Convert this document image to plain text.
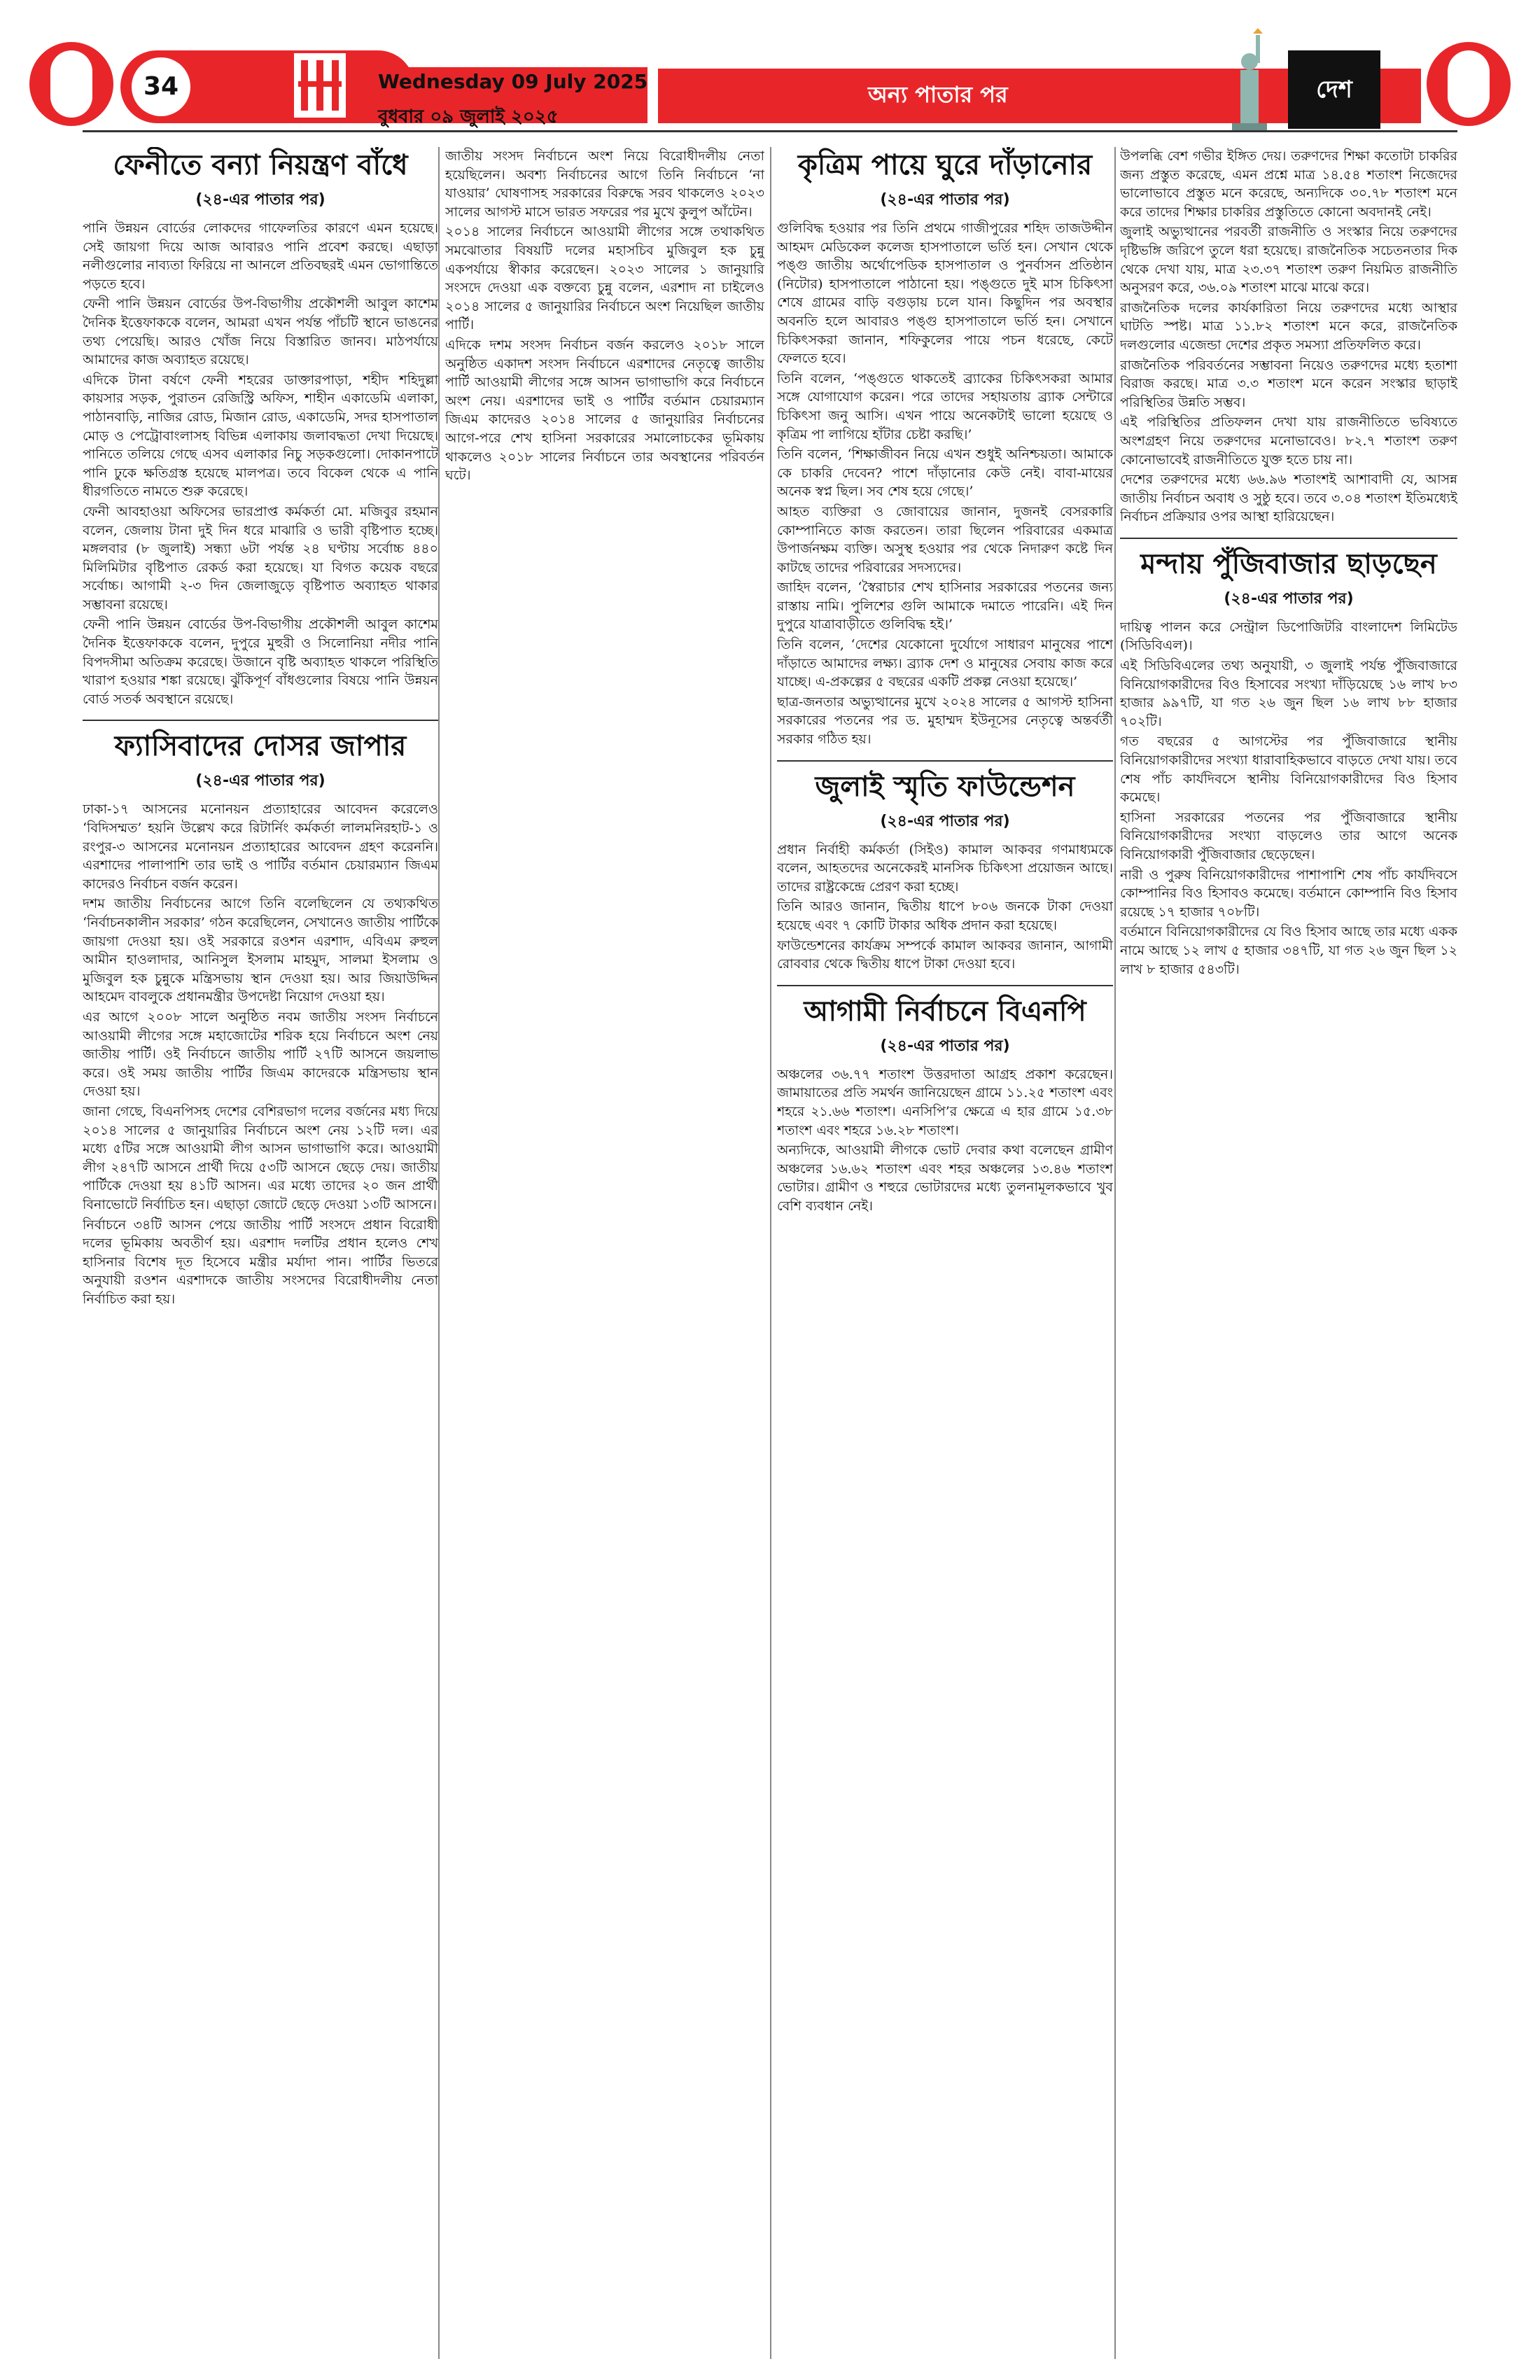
34	Wednesday 09 July 2025
বুধবার ০৯ জুলাই ২০২৫
অন্য পাতার পর	দেশ
ফেনীতে বন্যা নিয়ন্ত্রণ বাঁধে
(২৪-এর পাতার পর)

পানি উন্নয়ন বোর্ডের লোকদের গাফেলতির কারণে এমন হয়েছে। সেই জায়গা দিয়ে আজ আবারও পানি প্রবেশ করছে। এছাড়া নলীগুলোর নাব্যতা ফিরিয়ে না আনলে প্রতিবছরই এমন ভোগান্তিতে পড়তে হবে।

ফেনী পানি উন্নয়ন বোর্ডের উপ-বিভাগীয় প্রকৌশলী আবুল কাশেম দৈনিক ইত্তেফাককে বলেন, আমরা এখন পর্যন্ত পাঁচটি স্থানে ভাঙনের তথ্য পেয়েছি। আরও খোঁজ নিয়ে বিস্তারিত জানব। মাঠপর্যায়ে আমাদের কাজ অব্যাহত রয়েছে।

এদিকে টানা বর্ষণে ফেনী শহরের ডাক্তারপাড়া, শহীদ শহিদুল্লা কায়সার সড়ক, পুরাতন রেজিস্ট্রি অফিস, শাহীন একাডেমি এলাকা, পাঠানবাড়ি, নাজির রোড, মিজান রোড, একাডেমি, সদর হাসপাতাল মোড় ও পেট্রোবাংলাসহ বিভিন্ন এলাকায় জলাবদ্ধতা দেখা দিয়েছে। পানিতে তলিয়ে গেছে এসব এলাকার নিচু সড়কগুলো। দোকানপাটে পানি ঢুকে ক্ষতিগ্রস্ত হয়েছে মালপত্র। তবে বিকেল থেকে এ পানি ধীরগতিতে নামতে শুরু করেছে।

ফেনী আবহাওয়া অফিসের ভারপ্রাপ্ত কর্মকর্তা মো. মজিবুর রহমান বলেন, জেলায় টানা দুই দিন ধরে মাঝারি ও ভারী বৃষ্টিপাত হচ্ছে। মঙ্গলবার (৮ জুলাই) সন্ধ্যা ৬টা পর্যন্ত ২৪ ঘণ্টায় সর্বোচ্চ ৪৪০ মিলিমিটার বৃষ্টিপাত রেকর্ড করা হয়েছে। যা বিগত কয়েক বছরে সর্বোচ্চ। আগামী ২-৩ দিন জেলাজুড়ে বৃষ্টিপাত অব্যাহত থাকার সম্ভাবনা রয়েছে।

ফেনী পানি উন্নয়ন বোর্ডের উপ-বিভাগীয় প্রকৌশলী আবুল কাশেম দৈনিক ইত্তেফাককে বলেন, দুপুরে মুহুরী ও সিলোনিয়া নদীর পানি বিপদসীমা অতিক্রম করেছে। উজানে বৃষ্টি অব্যাহত থাকলে পরিস্থিতি খারাপ হওয়ার শঙ্কা রয়েছে। ঝুঁকিপূর্ণ বাঁধগুলোর বিষয়ে পানি উন্নয়ন বোর্ড সতর্ক অবস্থানে রয়েছে।

ফ্যাসিবাদের দোসর জাপার
(২৪-এর পাতার পর)

ঢাকা-১৭ আসনের মনোনয়ন প্রত্যাহারের আবেদন করেলেও ‘বিদিসম্মত’ হয়নি উল্লেখ করে রিটার্নিং কর্মকর্তা লালমনিরহাট-১ ও রংপুর-৩ আসনের মনোনয়ন প্রত্যাহারের আবেদন গ্রহণ করেননি। এরশাদের পালাপাশি তার ভাই ও পার্টির বর্তমান চেয়ারম্যান জিএম কাদেরও নির্বাচন বর্জন করেন।

দশম জাতীয় নির্বাচনের আগে তিনি বলেছিলেন যে তথ্যকথিত ‘নির্বাচনকালীন সরকার’ গঠন করেছিলেন, সেখানেও জাতীয় পার্টিকে জায়গা দেওয়া হয়। ওই সরকারে রওশন এরশাদ, এবিএম রুহুল আমীন হাওলাদার, আনিসুল ইসলাম মাহমুদ, সালমা ইসলাম ও মুজিবুল হক চুন্নুকে মন্ত্রিসভায় স্থান দেওয়া হয়। আর জিয়াউদ্দিন আহমেদ বাবলুকে প্রধানমন্ত্রীর উপদেষ্টা নিয়োগ দেওয়া হয়।

এর আগে ২০০৮ সালে অনুষ্ঠিত নবম জাতীয় সংসদ নির্বাচনে আওয়ামী লীগের সঙ্গে মহাজোটের শরিক হয়ে নির্বাচনে অংশ নেয় জাতীয় পার্টি। ওই নির্বাচনে জাতীয় পার্টি ২৭টি আসনে জয়লাভ করে। ওই সময় জাতীয় পার্টির জিএম কাদেরকে মন্ত্রিসভায় স্থান দেওয়া হয়।

জানা গেছে, বিএনপিসহ দেশের বেশিরভাগ দলের বর্জনের মধ্য দিয়ে ২০১৪ সালের ৫ জানুয়ারির নির্বাচনে অংশ নেয় ১২টি দল। এর মধ্যে ৫টির সঙ্গে আওয়ামী লীগ আসন ভাগাভাগি করে। আওয়ামী লীগ ২৪৭টি আসনে প্রার্থী দিয়ে ৫৩টি আসনে ছেড়ে দেয়। জাতীয় পার্টিকে দেওয়া হয় ৪১টি আসন। এর মধ্যে তাদের ২০ জন প্রার্থী বিনাভোটে নির্বাচিত হন। এছাড়া জোটে ছেড়ে দেওয়া ১৩টি আসনে।

নির্বাচনে ৩৪টি আসন পেয়ে জাতীয় পার্টি সংসদে প্রধান বিরোধী দলের ভূমিকায় অবতীর্ণ হয়। এরশাদ দলটির প্রধান হলেও শেখ হাসিনার বিশেষ দূত হিসেবে মন্ত্রীর মর্যাদা পান। পার্টির ভিতরে অনুযায়ী রওশন এরশাদকে জাতীয় সংসদের বিরোধীদলীয় নেতা নির্বাচিত করা হয়।

জাতীয় সংসদ নির্বাচনে অংশ নিয়ে বিরোধীদলীয় নেতা হয়েছিলেন। অবশ্য নির্বাচনের আগে তিনি নির্বাচনে ‘না যাওয়ার’ ঘোষণাসহ সরকারের বিরুদ্ধে সরব থাকলেও ২০২৩ সালের আগস্ট মাসে ভারত সফরের পর মুখে কুলুপ আঁটেন।

২০১৪ সালের নির্বাচনে আওয়ামী লীগের সঙ্গে তথাকথিত সমঝোতার বিষয়টি দলের মহাসচিব মুজিবুল হক চুন্নু একপর্যায়ে স্বীকার করেছেন। ২০২৩ সালের ১ জানুয়ারি সংসদে দেওয়া এক বক্তব্যে চুন্নু বলেন, এরশাদ না চাইলেও ২০১৪ সালের ৫ জানুয়ারির নির্বাচনে অংশ নিয়েছিল জাতীয় পার্টি।

এদিকে দশম সংসদ নির্বাচন বর্জন করলেও ২০১৮ সালে অনুষ্ঠিত একাদশ সংসদ নির্বাচনে এরশাদের নেতৃত্বে জাতীয় পার্টি আওয়ামী লীগের সঙ্গে আসন ভাগাভাগি করে নির্বাচনে অংশ নেয়। এরশাদের ভাই ও পার্টির বর্তমান চেয়ারম্যান জিএম কাদেরও ২০১৪ সালের ৫ জানুয়ারির নির্বাচনের আগে-পরে শেখ হাসিনা সরকারের সমালোচকের ভূমিকায় থাকলেও ২০১৮ সালের নির্বাচনে তার অবস্থানের পরিবর্তন ঘটে।

কৃত্রিম পায়ে ঘুরে দাঁড়ানোর
(২৪-এর পাতার পর)

গুলিবিদ্ধ হওয়ার পর তিনি প্রথমে গাজীপুরের শহিদ তাজউদ্দীন আহমদ মেডিকেল কলেজ হাসপাতালে ভর্তি হন। সেখান থেকে পঙ্গু জাতীয় অর্থোপেডিক হাসপাতাল ও পুনর্বাসন প্রতিষ্ঠান (নিটোর) হাসপাতালে পাঠানো হয়। পঙ্গুতে দুই মাস চিকিৎসা শেষে গ্রামের বাড়ি বগুড়ায় চলে যান। কিছুদিন পর অবস্থার অবনতি হলে আবারও পঙ্গু হাসপাতালে ভর্তি হন। সেখানে চিকিৎসকরা জানান, শফিকুলের পায়ে পচন ধরেছে, কেটে ফেলতে হবে।

তিনি বলেন, ‘পঙ্গুতে থাকতেই ব্র্যাকের চিকিৎসকরা আমার সঙ্গে যোগাযোগ করেন। পরে তাদের সহায়তায় ব্র্যাক সেন্টারে চিকিৎসা জনু আসি। এখন পায়ে অনেকটাই ভালো হয়েছে ও কৃত্রিম পা লাগিয়ে হাঁটার চেষ্টা করছি।’

তিনি বলেন, ‘শিক্ষাজীবন নিয়ে এখন শুধুই অনিশ্চয়তা। আমাকে কে চাকরি দেবেন? পাশে দাঁড়ানোর কেউ নেই। বাবা-মায়ের অনেক স্বপ্ন ছিল। সব শেষ হয়ে গেছে।’

আহত ব্যক্তিরা ও জোবায়ের জানান, দুজনই বেসরকারি কোম্পানিতে কাজ করতেন। তারা ছিলেন পরিবারের একমাত্র উপার্জনক্ষম ব্যক্তি। অসুস্থ হওয়ার পর থেকে নিদারুণ কষ্টে দিন কাটছে তাদের পরিবারের সদস্যদের।

জাহিদ বলেন, ‘স্বৈরাচার শেখ হাসিনার সরকারের পতনের জন্য রাস্তায় নামি। পুলিশের গুলি আমাকে দমাতে পারেনি। এই দিন দুপুরে যাত্রাবাড়ীতে গুলিবিদ্ধ হই।’

তিনি বলেন, ‘দেশের যেকোনো দুর্যোগে সাধারণ মানুষের পাশে দাঁড়াতে আমাদের লক্ষ্য। ব্র্যাক দেশ ও মানুষের সেবায় কাজ করে যাচ্ছে। এ-প্রকল্পের ৫ বছরের একটি প্রকল্প নেওয়া হয়েছে।’

ছাত্র-জনতার অভ্যুত্থানের মুখে ২০২৪ সালের ৫ আগস্ট হাসিনা সরকারের পতনের পর ড. মুহাম্মদ ইউনূসের নেতৃত্বে অন্তর্বর্তী সরকার গঠিত হয়।

জুলাই স্মৃতি ফাউন্ডেশন
(২৪-এর পাতার পর)

প্রধান নির্বাহী কর্মকর্তা (সিইও) কামাল আকবর গণমাধ্যমকে বলেন, আহতদের অনেকেরই মানসিক চিকিৎসা প্রয়োজন আছে। তাদের রাষ্ট্রকেন্দ্রে প্রেরণ করা হচ্ছে।

তিনি আরও জানান, দ্বিতীয় ধাপে ৮০৬ জনকে টাকা দেওয়া হয়েছে এবং ৭ কোটি টাকার অধিক প্রদান করা হয়েছে।

ফাউন্ডেশনের কার্যক্রম সম্পর্কে কামাল আকবর জানান, আগামী রোববার থেকে দ্বিতীয় ধাপে টাকা দেওয়া হবে।

আগামী নির্বাচনে বিএনপি
(২৪-এর পাতার পর)

অঞ্চলের ৩৬.৭৭ শতাংশ উত্তরদাতা আগ্রহ প্রকাশ করেছেন। জামায়াতের প্রতি সমর্থন জানিয়েছেন গ্রামে ১১.২৫ শতাংশ এবং শহরে ২১.৬৬ শতাংশ। এনসিপি’র ক্ষেত্রে এ হার গ্রামে ১৫.৩৮ শতাংশ এবং শহরে ১৬.২৮ শতাংশ।

অন্যদিকে, আওয়ামী লীগকে ভোট দেবার কথা বলেছেন গ্রামীণ অঞ্চলের ১৬.৬২ শতাংশ এবং শহর অঞ্চলের ১৩.৪৬ শতাংশ ভোটার। গ্রামীণ ও শহুরে ভোটারদের মধ্যে তুলনামূলকভাবে খুব বেশি ব্যবধান নেই।

উপলব্ধি বেশ গভীর ইঙ্গিত দেয়। তরুণদের শিক্ষা কতোটা চাকরির জন্য প্রস্তুত করেছে, এমন প্রশ্নে মাত্র ১৪.৫৪ শতাংশ নিজেদের ভালোভাবে প্রস্তুত মনে করেছে, অন্যদিকে ৩০.৭৮ শতাংশ মনে করে তাদের শিক্ষার চাকরির প্রস্তুতিতে কোনো অবদানই নেই।

জুলাই অভ্যুত্থানের পরবর্তী রাজনীতি ও সংস্কার নিয়ে তরুণদের দৃষ্টিভঙ্গি জরিপে তুলে ধরা হয়েছে। রাজনৈতিক সচেতনতার দিক থেকে দেখা যায়, মাত্র ২৩.৩৭ শতাংশ তরুণ নিয়মিত রাজনীতি অনুসরণ করে, ৩৬.০৯ শতাংশ মাঝে মাঝে করে।

রাজনৈতিক দলের কার্যকারিতা নিয়ে তরুণদের মধ্যে আস্থার ঘাটতি স্পষ্ট। মাত্র ১১.৮২ শতাংশ মনে করে, রাজনৈতিক দলগুলোর এজেন্ডা দেশের প্রকৃত সমস্যা প্রতিফলিত করে।

রাজনৈতিক পরিবর্তনের সম্ভাবনা নিয়েও তরুণদের মধ্যে হতাশা বিরাজ করছে। মাত্র ৩.৩ শতাংশ মনে করেন সংস্কার ছাড়াই পরিস্থিতির উন্নতি সম্ভব।

এই পরিস্থিতির প্রতিফলন দেখা যায় রাজনীতিতে ভবিষ্যতে অংশগ্রহণ নিয়ে তরুণদের মনোভাবেও। ৮২.৭ শতাংশ তরুণ কোনোভাবেই রাজনীতিতে যুক্ত হতে চায় না।

দেশের তরুণদের মধ্যে ৬৬.৯৬ শতাংশই আশাবাদী যে, আসন্ন জাতীয় নির্বাচন অবাধ ও সুষ্ঠু হবে। তবে ৩.০৪ শতাংশ ইতিমধ্যেই নির্বাচন প্রক্রিয়ার ওপর আস্থা হারিয়েছেন।

মন্দায় পুঁজিবাজার ছাড়ছেন
(২৪-এর পাতার পর)

দায়িত্ব পালন করে সেন্ট্রাল ডিপোজিটরি বাংলাদেশ লিমিটেড (সিডিবিএল)।

এই সিডিবিএলের তথ্য অনুযায়ী, ৩ জুলাই পর্যন্ত পুঁজিবাজারে বিনিয়োগকারীদের বিও হিসাবের সংখ্যা দাঁড়িয়েছে ১৬ লাখ ৮৩ হাজার ৯৯৭টি, যা গত ২৬ জুন ছিল ১৬ লাখ ৮৮ হাজার ৭০২টি।

গত বছরের ৫ আগস্টের পর পুঁজিবাজারে স্থানীয় বিনিয়োগকারীদের সংখ্যা ধারাবাহিকভাবে বাড়তে দেখা যায়। তবে শেষ পাঁচ কার্যদিবসে স্থানীয় বিনিয়োগকারীদের বিও হিসাব কমেছে।

হাসিনা সরকারের পতনের পর পুঁজিবাজারে স্থানীয় বিনিয়োগকারীদের সংখ্যা বাড়লেও তার আগে অনেক বিনিয়োগকারী পুঁজিবাজার ছেড়েছেন।

নারী ও পুরুষ বিনিয়োগকারীদের পাশাপাশি শেষ পাঁচ কার্যদিবসে কোম্পানির বিও হিসাবও কমেছে। বর্তমানে কোম্পানি বিও হিসাব রয়েছে ১৭ হাজার ৭০৮টি।

বর্তমানে বিনিয়োগকারীদের যে বিও হিসাব আছে তার মধ্যে একক নামে আছে ১২ লাখ ৫ হাজার ৩৪৭টি, যা গত ২৬ জুন ছিল ১২ লাখ ৮ হাজার ৫৪৩টি।
